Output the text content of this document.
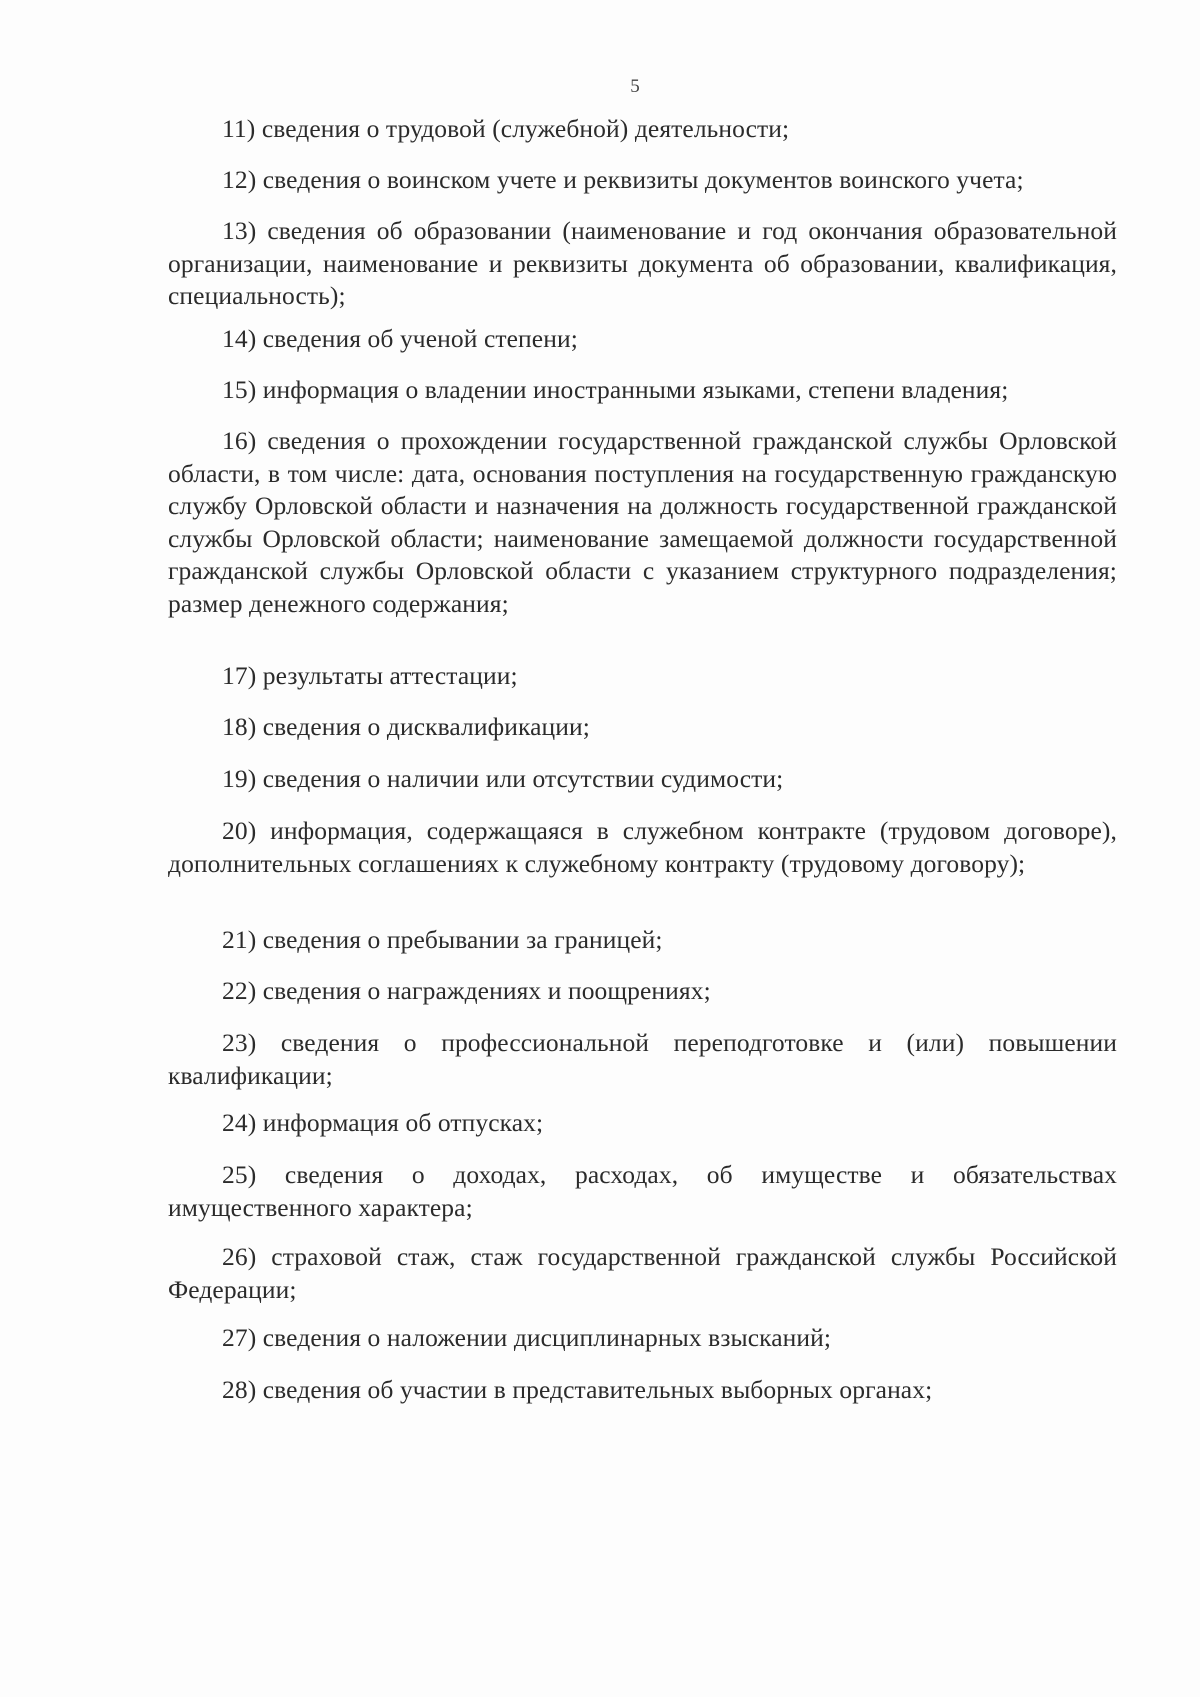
5

11) сведения о трудовой (служебной) деятельности;

12) сведения о воинском учете и реквизиты документов воинского учета;

13) сведения об образовании (наименование и год окончания образовательной организации, наименование и реквизиты документа об образовании, квалификация, специальность);

14) сведения об ученой степени;

15) информация о владении иностранными языками, степени владения;

16) сведения о прохождении государственной гражданской службы Орловской области, в том числе: дата, основания поступления на государственную гражданскую службу Орловской области и назначения на должность государственной гражданской службы Орловской области; наименование замещаемой должности государственной гражданской службы Орловской области с указанием структурного подразделения; размер денежного содержания;

17) результаты аттестации;

18) сведения о дисквалификации;

19) сведения о наличии или отсутствии судимости;

20) информация, содержащаяся в служебном контракте (трудовом договоре), дополнительных соглашениях к служебному контракту (трудовому договору);

21) сведения о пребывании за границей;

22) сведения о награждениях и поощрениях;

23) сведения о профессиональной переподготовке и (или) повышении квалификации;

24) информация об отпусках;

25) сведения о доходах, расходах, об имуществе и обязательствах имущественного характера;

26) страховой стаж, стаж государственной гражданской службы Российской Федерации;

27) сведения о наложении дисциплинарных взысканий;

28) сведения об участии в представительных выборных органах;
